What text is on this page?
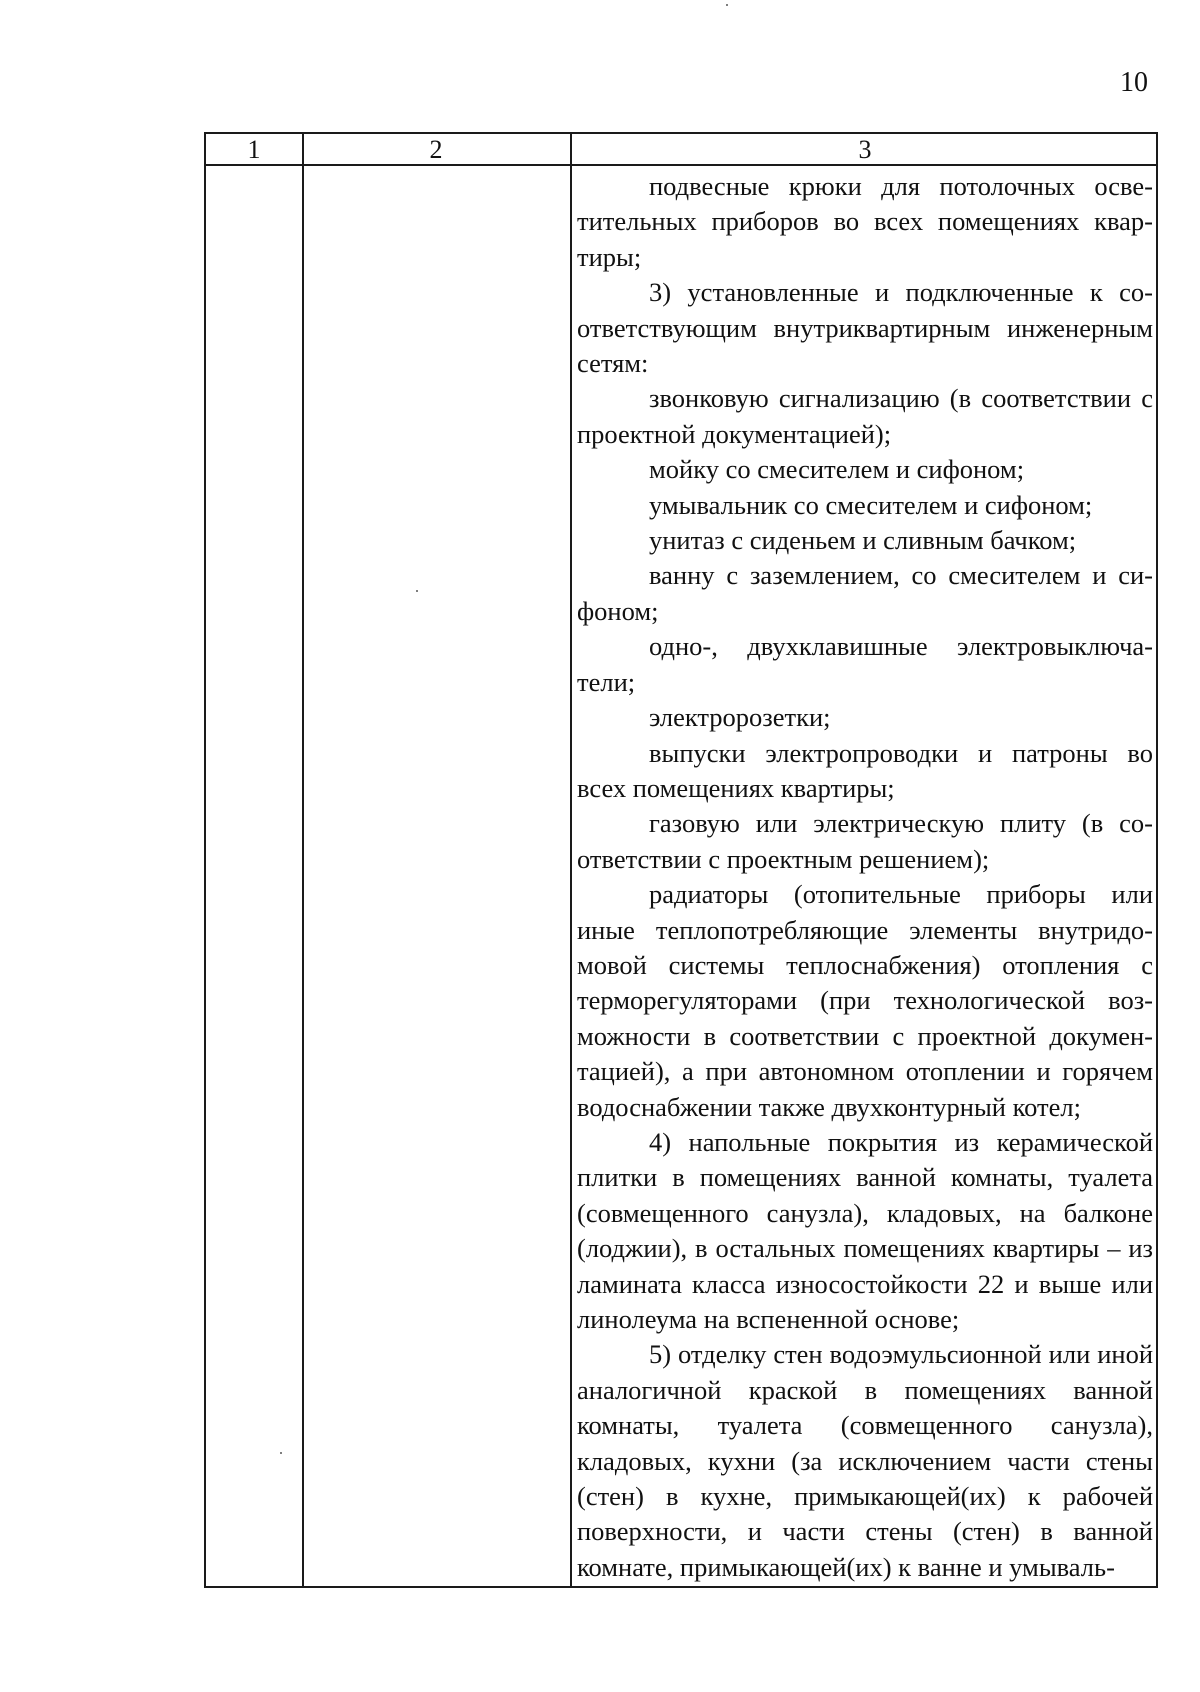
10
1	2	3

подвесные крюки для потолочных осветительных приборов во всех помещениях квартиры;

3) установленные и подключенные к соответствующим внутриквартирным инженерным сетям:

звонковую сигнализацию (в соответствии с проектной документацией);

мойку со смесителем и сифоном;

умывальник со смесителем и сифоном;

унитаз с сиденьем и сливным бачком;

ванну с заземлением, со смесителем и сифоном;

одно-, двухклавишные электровыключатели;

электророзетки;

выпуски электропроводки и патроны во всех помещениях квартиры;

газовую или электрическую плиту (в соответствии с проектным решением);

радиаторы (отопительные приборы или иные теплопотребляющие элементы внутридомовой системы теплоснабжения) отопления с терморегуляторами (при технологической возможности в соответствии с проектной документацией), а при автономном отоплении и горячем водоснабжении также двухконтурный котел;

4) напольные покрытия из керамической плитки в помещениях ванной комнаты, туалета (совмещенного санузла), кладовых, на балконе (лоджии), в остальных помещениях квартиры – из ламината класса износостойкости 22 и выше или линолеума на вспененной основе;

5) отделку стен водоэмульсионной или иной аналогичной краской в помещениях ванной комнаты, туалета (совмещенного санузла), кладовых, кухни (за исключением части стены (стен) в кухне, примыкающей(их) к рабочей поверхности, и части стены (стен) в ванной комнате, примыкающей(их) к ванне и умываль-
